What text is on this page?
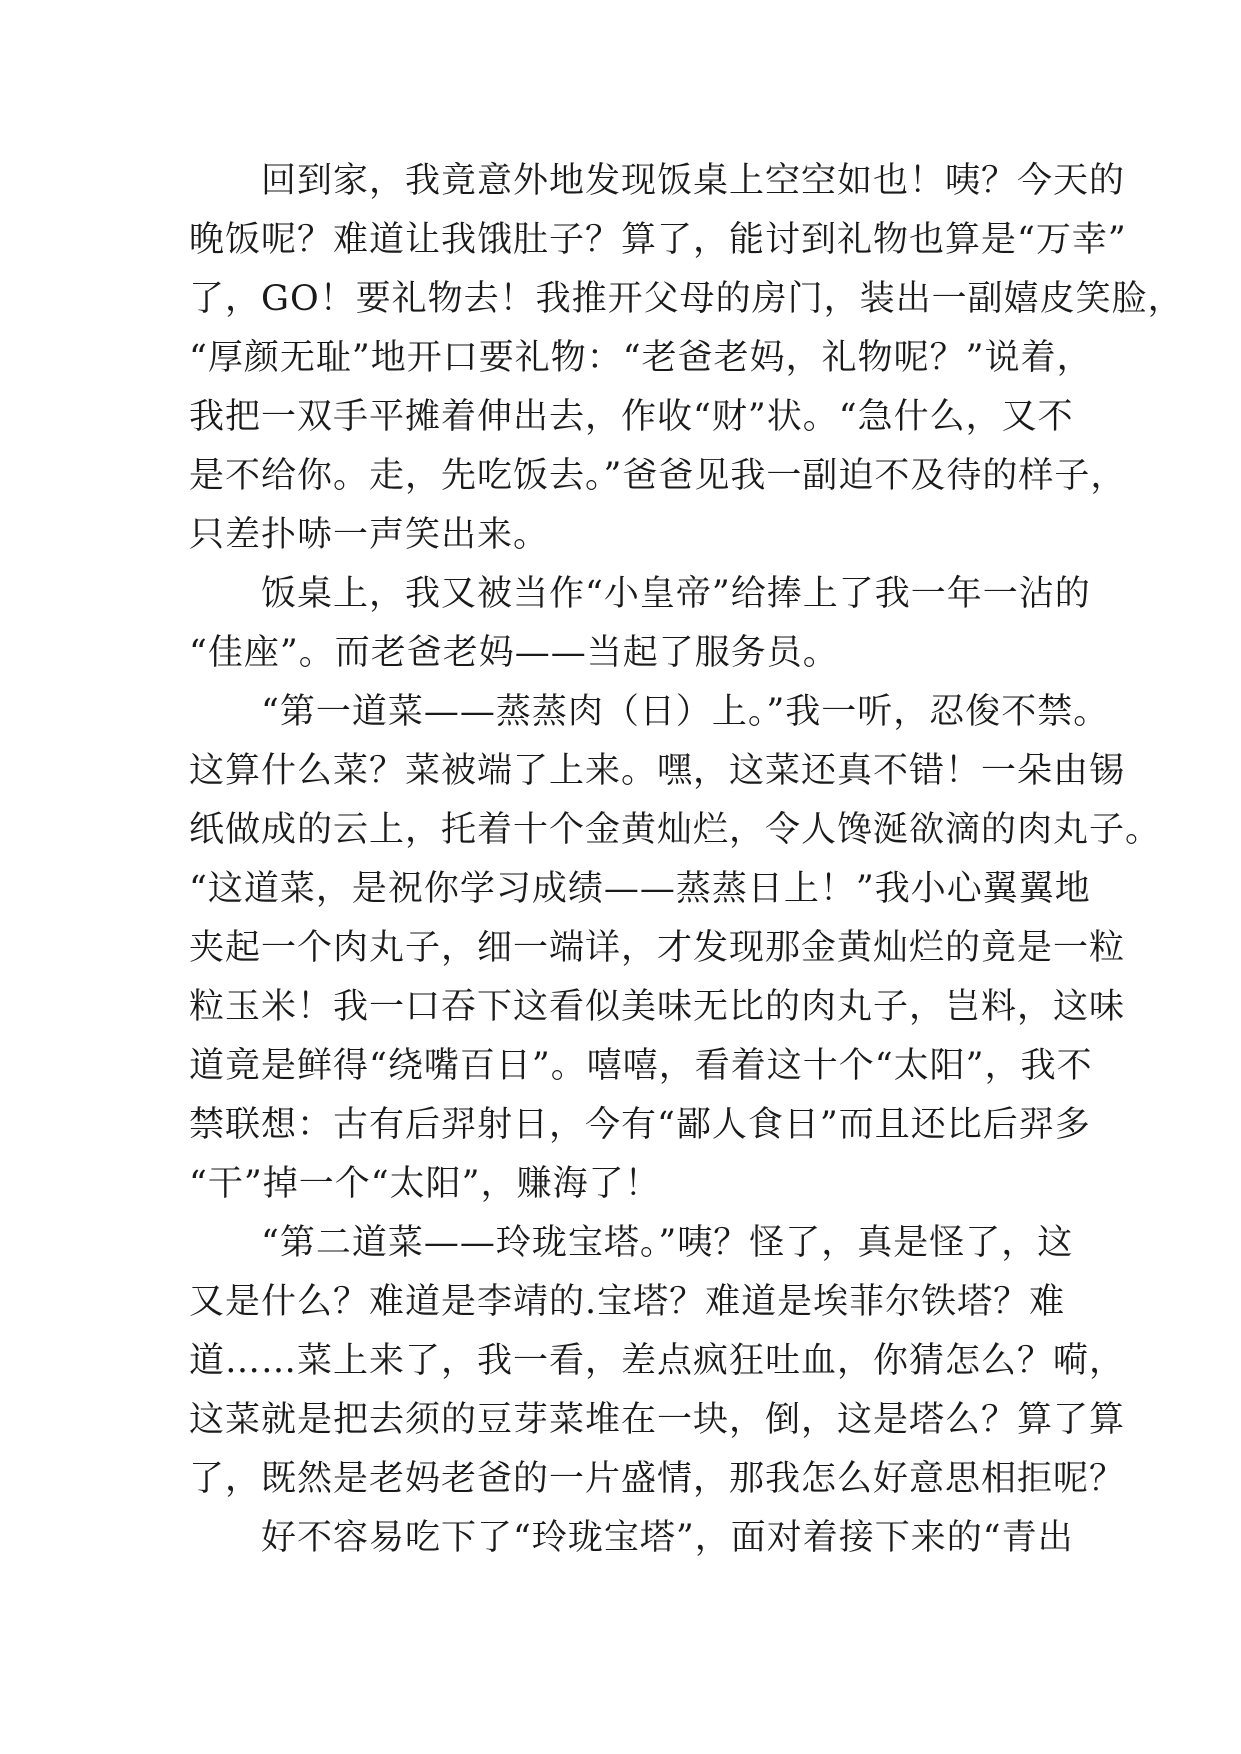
　　回到家，我竟意外地发现饭桌上空空如也！咦？今天的
晚饭呢？难道让我饿肚子？算了，能讨到礼物也算是“万幸”
了，GO！要礼物去！我推开父母的房门，装出一副嬉皮笑脸，
“厚颜无耻”地开口要礼物：“老爸老妈，礼物呢？”说着，
我把一双手平摊着伸出去，作收“财”状。“急什么，又不
是不给你。走，先吃饭去。”爸爸见我一副迫不及待的样子，
只差扑哧一声笑出来。
　　饭桌上，我又被当作“小皇帝”给捧上了我一年一沾的
“佳座”。而老爸老妈——当起了服务员。
　　“第一道菜——蒸蒸肉（日）上。”我一听，忍俊不禁。
这算什么菜？菜被端了上来。嘿，这菜还真不错！一朵由锡
纸做成的云上，托着十个金黄灿烂，令人馋涎欲滴的肉丸子。
“这道菜，是祝你学习成绩——蒸蒸日上！”我小心翼翼地
夹起一个肉丸子，细一端详，才发现那金黄灿烂的竟是一粒
粒玉米！我一口吞下这看似美味无比的肉丸子，岂料，这味
道竟是鲜得“绕嘴百日”。嘻嘻，看着这十个“太阳”，我不
禁联想：古有后羿射日，今有“鄙人食日”而且还比后羿多
“干”掉一个“太阳”，赚海了！
　　“第二道菜——玲珑宝塔。”咦？怪了，真是怪了，这
又是什么？难道是李靖的.宝塔？难道是埃菲尔铁塔？难
道……菜上来了，我一看，差点疯狂吐血，你猜怎么？嗬，
这菜就是把去须的豆芽菜堆在一块，倒，这是塔么？算了算
了，既然是老妈老爸的一片盛情，那我怎么好意思相拒呢？
　　好不容易吃下了“玲珑宝塔”，面对着接下来的“青出
